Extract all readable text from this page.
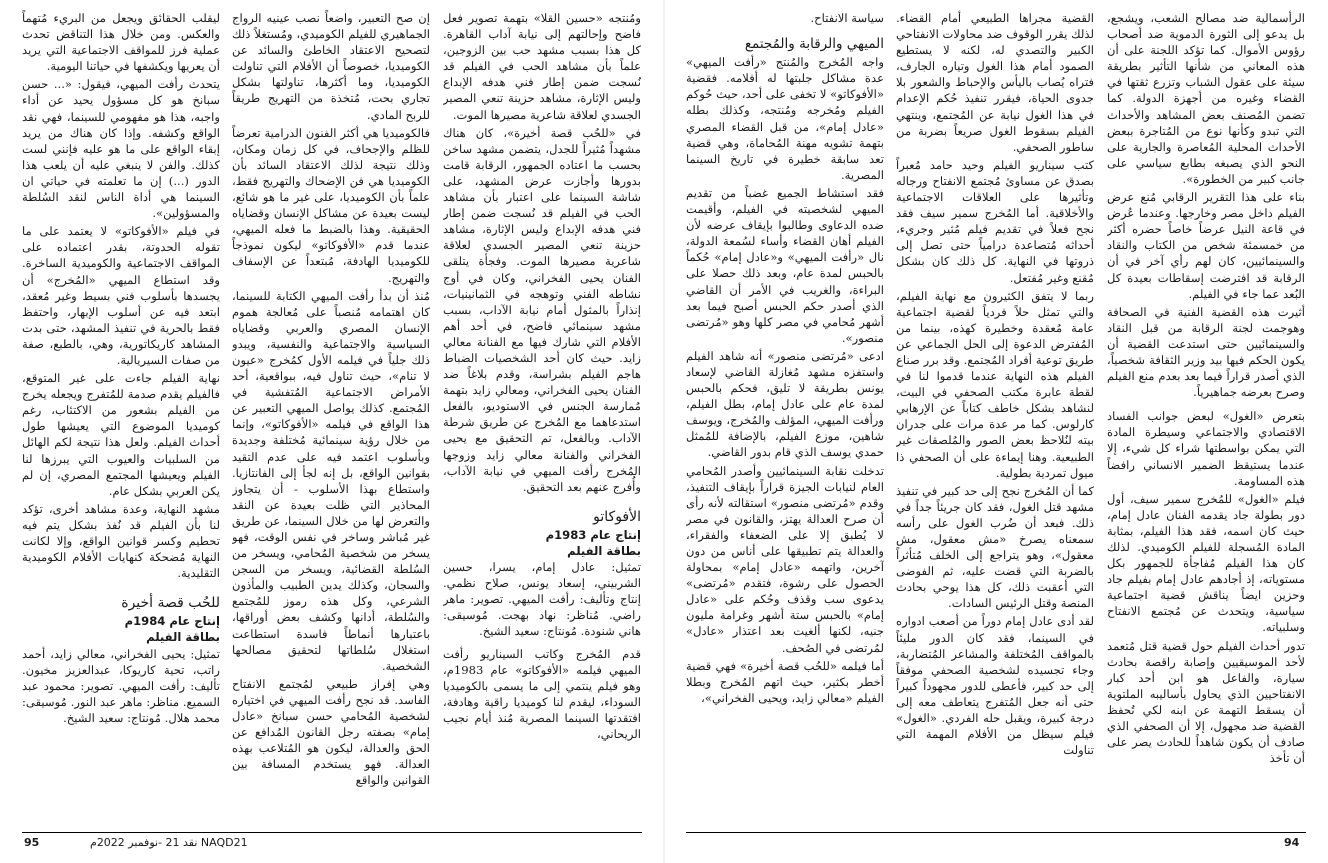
ليقلب الحقائق ويجعل من البريء مُتهماً والعكس. ومن خلال هذا التناقض تحدث عملية فرز للمواقف الاجتماعية التي يريد أن يعريها ويكشفها في حياتنا اليومية.

يتحدث رأفت الميهي، فيقول: «... حسن سبانخ هو كل مسؤول يحيد عن أداء واجبه، هذا هو مفهومي للسينما، فهي نقد الواقع وكشفه. وإذا كان هناك من يريد إبقاء الواقع على ما هو عليه فإنني لست كذلك. والفن لا ينبغي عليه أن يلعب هذا الدور (...) إن ما تعلمته في حياتي ان السينما هي أداة الناس لنقد السُلطة والمسؤولين».

في فيلم «الأفوكاتو» لا يعتمد على ما تقوله الحدوتة، بقدر اعتماده على المواقف الاجتماعية والكوميدية الساخرة. وقد استطاع الميهي «المُخرج» أن يجسدها بأسلوب فني بسيط وغير مُعقد، ابتعد فيه عن أسلوب الإبهار، واحتفظ فقط بالحرية في تنفيذ المشهد، حتى بدت المشاهد كاريكاتورية، وهي، بالطبع، صفة من صفات السيريالية.

نهاية الفيلم جاءت على غير المتوقع، فالفيلم يقدم صدمة للمُتفرج ويجعله يخرج من الفيلم بشعور من الاكتئاب، رغم كوميديا الموضوع التي يعيشها طول أحداث الفيلم. ولعل هذا نتيجة لكم الهائل من السلبيات والعيوب التي يبرزها لنا الفيلم ويعيشها المجتمع المصري، إن لم يكن العربي بشكل عام.

مشهد النهاية، وعدة مشاهد أخرى، تؤكد لنا بأن الفيلم قد نُفذ بشكل يتم فيه تحطيم وكسر قوانين الواقع، وإلا لكانت النهاية مُضحكة كنهايات الأفلام الكوميدية التقليدية.

للحُب قصة أخيرة

إنتاج عام 1984م

بطاقة الفيلم

تمثيل: يحيى الفخراني، معالي زايد، أحمد راتب، تحية كاريوكا، عبدالعزيز مخيون. تأليف: رأفت الميهي. تصوير: محمود عبد السميع. مناظر: ماهر عبد النور. مُوسيقى: محمد هلال. مُونتاج: سعيد الشيخ.

إن صح التعبير، واضعاً نصب عينيه الرواج الجماهيري للفيلم الكوميدي، ومُستغلاً ذلك لتصحيح الاعتقاد الخاطئ والسائد عن الكوميديا، خصوصاً أن الأفلام التي تناولت الكوميديا، وما أكثرها، تناولتها بشكل تجاري بحت، مُتخذة من التهريج طريقاً للربح المادي.

فالكوميديا هي أكثر الفنون الدرامية تعرضاً للظلم والإجحاف، في كل زمان ومكان، وذلك نتيجة لذلك الاعتقاد السائد بأن الكوميديا هي فن الإضحاك والتهريج فقط، علماً بأن الكوميديا، على غير ما هو شائع، ليست بعيدة عن مشاكل الإنسان وقضاياه الحقيقية. وهذا بالضبط ما فعله الميهي، عندما قدم «الأفوكاتو» ليكون نموذجاً للكوميديا الهادفة، مُبتعداً عن الإسفاف والتهريج.

مُنذ أن بدأ رأفت الميهي الكتابة للسينما، كان اهتمامه مُنصباً على مُعالجة هموم الإنسان المصري والعربي وقضاياه السياسية والاجتماعية والنفسية، ويبدو ذلك جلياً في فيلمه الأول كمُخرج «عيون لا تنام»، حيث تناول فيه، ببواقعية، أحد الأمراض الاجتماعية المُتفشية في المُجتمع. كذلك يواصل الميهي التعبير عن هذا الواقع في فيلمه «الأفوكاتو»، وإنما من خلال رؤية سينمائية مُختلفة وجديدة وبأسلوب اعتمد فيه على عدم التقيد بقوانين الواقع، بل إنه لجأ إلى الفانتازيا. واستطاع بهذا الأسلوب - أن يتجاوز المحاذير التي ظلت بعيدة عن النقد والتعرض لها من خلال السينما، عن طريق غير مُباشر وساخر في نفس الوقت، فهو يسخر من شخصية المُحامي، ويسخر من السُلطة القضائية، ويسخر من السجن والسجان، وكذلك يدين الطبيب والمأذون الشرعي، وكل هذه رموز للمُجتمع والسُلطة، أدانها وكشف بعض أوراقها، باعتبارها أنماطاً فاسدة استطاعت استغلال سُلطاتها لتحقيق مصالحها الشخصية.

وهي إفراز طبيعي لمُجتمع الانفتاح الفاسد. قد نجح رأفت الميهي في اختياره لشخصية المُحامي حسن سبانخ «عادل إمام» بصفته رجل القانون المُدافع عن الحق والعدالة، ليكون هو المُتلاعب بهذه العدالة. فهو يستخدم المسافة بين القوانين والواقع

ومُنتجه «حسين القلا» بتهمة تصوير فعل فاضح وإحالتهم إلى نيابة آداب القاهرة. كل هذا بسبب مشهد حب بين الزوجين، علماً بأن مشاهد الحب في الفيلم قد نُسجت ضمن إطار فني هدفه الإبداع وليس الإثارة، مشاهد حزينة تنعي المصير الجسدي لعلاقة شاعرية مصيرها الموت.

في «للحُب قصة أخيرة»، كان هناك مشهداً مُثيراً للجدل، يتضمن مشهد ساخن بحسب ما اعتاده الجمهور، الرقابة قامت بدورها وأجازت عرض المشهد، على شاشة السينما على اعتبار بأن مشاهد الحب في الفيلم قد نُسجت ضمن إطار فني هدفه الإبداع وليس الإثارة، مشاهد حزينة تنعي المصير الجسدي لعلاقة شاعرية مصيرها الموت. وفجأة يتلقى الفنان يحيى الفخراني، وكان في أوج نشاطه الفني وتوهجه في الثمانينيات، إنذاراً بالمثول أمام نيابة الآداب، بسبب مشهد سينمائي فاضح، في أحد أهم الأفلام التي شارك فيها مع الفنانة معالي زايد. حيث كان أحد الشخصيات الضباط هاجم الفيلم بشراسة، وقدم بلاغاً ضد الفنان يحيى الفخراني، ومعالي زايد بتهمة مُمارسة الجنس في الاستوديو، بالفعل استدعاهما مع المُخرج عن طريق شرطة الآداب. وبالفعل، تم التحقيق مع يحيى الفخراني والفنانة معالي زايد وزوجها المُخرج رأفت الميهي في نيابة الآداب، وأُفرج عنهم بعد التحقيق.

الأفوكاتو

إنتاج عام 1983م

بطاقة الفيلم

تمثيل: عادل إمام، يسرا، حسين الشربيني، إسعاد يونس، صلاح نظمي. إنتاج وتأليف: رأفت الميهي. تصوير: ماهر راضي. مُناظر: نهاد بهجت. مُوسيقى: هاني شنودة. مُونتاج: سعيد الشيخ.

قدم المُخرج وكاتب السيناريو رأفت الميهي فيلمه «الأفوكاتو» عام 1983م، وهو فيلم ينتمي إلى ما يسمى بالكوميديا السوداء، ليقدم لنا كوميديا راقية وهادفة، افتقدتها السينما المصرية مُنذ أيام نجيب الريحاني،

95	نقد 21 -نوفمبر 2022م NAQD21

سياسة الانفتاح.

الميهي والرقابة والمُجتمع

واجه المُخرج والمُنتج «رأفت الميهي» عدة مشاكل جلبتها له أفلامه. فقضية «الأفوكاتو» لا تخفى على أحد، حيث حُوكم الفيلم ومُخرجه ومُنتجه، وكذلك بطله «عادل إمام»، من قبل القضاء المصري بتهمة تشويه مهنة المُحاماة، وهي قضية تعد سابقة خطيرة في تاريخ السينما المصرية.

فقد استشاط الجميع غضباً من تقديم الميهي لشخصيته في الفيلم، وأقيمت ضده الدعاوى وطالبوا بإيقاف عرضه لأن الفيلم أهان القضاء وأساء لسُمعة الدولة، نال «رأفت الميهي» و«عادل إمام» حُكماً بالحبس لمدة عام، وبعد ذلك حصلا على البراءة، والغريب في الأمر أن القاضي الذي أصدر حكم الحبس أصبح فيما بعد أشهر مُحامي في مصر كلها وهو «مُرتضى منصور».

ادعى «مُرتضى منصور» أنه شاهد الفيلم واستفزه مشهد مُغازلة القاضي لإسعاد يونس بطريقة لا تليق، فحكم بالحبس لمدة عام على عادل إمام، بطل الفيلم، ورأفت الميهي، المؤلف والمُخرج، ويوسف شاهين، موزع الفيلم، بالإضافة للمُمثل حمدي يوسف الذي قام بدور القاضي.

تدخلت نقابة السينمائيين وأصدر المُحامي العام لنيابات الجيزة قراراً بإيقاف التنفيذ، وقدم «مُرتضى منصور» استقالته لأنه رأى أن صرح العدالة يهتز، والقانون في مصر لا يُطبق إلا على الضعفاء والفقراء، والعدالة يتم تطبيقها على أناس من دون آخرين، واتهمه «عادل إمام» بمحاولة الحصول على رشوة، فتقدم «مُرتضى» يدعوى سب وقذف وحُكم على «عادل إمام» بالحبس ستة أشهر وغرامة مليون جنيه، لكنها ألغيت بعد اعتذار «عادل» لمُرتضى في الصُحف.

أما فيلمه «للحُب قصة أخيرة» فهي قضية أخطر بكثير، حيث اتهم المُخرج وبطلا الفيلم «معالي زايد، ويحيى الفخراني»،

القضية مجراها الطبيعي أمام القضاء. لذلك يقرر الوقوف ضد محاولات الانفتاحي الكبير والتصدي له، لكنه لا يستطيع الصمود أمام هذا الغول وتياره الجارف، فتراه يُصاب باليأس والإحباط والشعور بلا جدوى الحياة، فيقرر تنفيذ حُكم الإعدام في هذا الغول نيابة عن المُجتمع، وينتهي الفيلم بسقوط الغول صريعاً بضربة من ساطور الصحفي.

كتب سيناريو الفيلم وحيد حامد مُعبراً بصدق عن مساوئ مُجتمع الانفتاح ورجاله وتأثيرها على العلاقات الاجتماعية والأخلاقية. أما المُخرج سمير سيف فقد نجح فعلاً في تقديم فيلم مُثير وجريء، أحداثه مُتصاعدة درامياً حتى تصل إلى ذروتها في النهاية. كل ذلك كان بشكل مُقنع وغير مُفتعل.

ربما لا يتفق الكثيرون مع نهاية الفيلم، والتي تمثل حلاً فردياً لقضية اجتماعية عامة مُعقدة وخطيرة كهذه، بينما من المُفترض الدعوة إلى الحل الجماعي عن طريق توعية أفراد المُجتمع. وقد برر صناع الفيلم هذه النهاية عندما قدموا لنا في لقطة عابرة مكتب الصحفي في البيت، لنشاهد بشكل خاطف كتاباً عن الإرهابي كارلوس. كما مر عدة مرات على جدران بيته لنُلاحظ بعض الصور والمُلصقات غير الطبيعية. وهنا إيماءة على أن الصحفي ذا ميول تمردية بطولية.

كما أن المُخرج نجح إلى حد كبير في تنفيذ مشهد قتل الغول، فقد كان جريئاً جداً في ذلك. فبعد أن ضُرب الغول على رأسه سمعناه يصرخ «مش معقول، مش معقول»، وهو يتراجع إلى الخلف مُتأثراً بالضربة التي قضت عليه، ثم الفوضى التي أعقبت ذلك، كل هذا يوحي بحادث المنصة وقتل الرئيس السادات.

لقد أدى عادل إمام دوراً من أصعب ادواره في السينما، فقد كان الدور مليئاً بالمواقف المُختلفة والمشاعر المُتضاربة، وجاء تجسيده لشخصية الصحفي موفقاً إلى حد كبير، فأعطى للدور مجهوداً كبيراً حتى أنه جعل المُتفرج يتعاطف معه إلى درجة كبيرة، ويقبل حله الفردي. «الغول» فيلم سيظل من الأفلام المهمة التي تناولت

الرأسمالية ضد مصالح الشعب، ويشجع، بل يدعو إلى الثورة الدموية ضد أصحاب رؤوس الأموال. كما تؤكد اللجنة على أن هذه المعاني من شأنها التأثير بطريقة سيئة على عقول الشباب وتزرع ثقتها في القضاء وغيره من أجهزة الدولة. كما تضمن المُصنف بعض المشاهد والأحداث التي تبدو وكأنها نوع من المُتاجرة ببعض الأحداث المحلية المُعاصرة والجارية على النحو الذي يصبغه بطابع سياسي على جانب كبير من الخطورة».

بناء على هذا التقرير الرقابي مُنع عرض الفيلم داخل مصر وخارجها. وعندما عُرض في قاعة النيل عرضاً خاصاً حضره أكثر من خمسمئة شخص من الكتاب والنقاد والسينمائيين، كان لهم رأي آخر في أن الرقابة قد افترضت إسقاطات بعيدة كل البُعد عما جاء في الفيلم.

أثيرت هذه القضية الفنية في الصحافة وهوجمت لجنة الرقابة من قبل النقاد والسينمائيين حتى استدعت القضية أن يكون الحكم فيها بيد وزير الثقافة شخصياً، الذي أصدر قراراً فيما بعد بعدم منع الفيلم وصرح بعرضه جماهيرياً.

بتعرض «الغول» لبعض جوانب الفساد الاقتصادي والاجتماعي وسيطرة المادة التي يمكن بواسطتها شراء كل شيء، إلا عندما يستيقظ الضمير الانساني رافضاً هذه المساومة.

فيلم «الغول» للمُخرج سمير سيف، أول دور بطولة جاد يقدمه الفنان عادل إمام، حيث كان اسمه، فقد هذا الفيلم، بمثابة المادة المُسجلة للفيلم الكوميدي. لذلك كان هذا الفيلم مُفاجأة للجمهور بكل مستوياته، إذ أجادهم عادل إمام بفيلم جاد وحزين ايضاً يناقش قضية اجتماعية سياسية، ويتحدث عن مُجتمع الانفتاح وسلبياته.

تدور أحداث الفيلم حول قضية قتل مُتعمد لأحد الموسيقيين وإصابة راقصة بحادث سيارة، والفاعل هو ابن أحد كبار الانفتاحيين الذي يحاول بأساليبه الملتوية أن يسقط التهمة عن ابنه لكي تُحفظ القضية ضد مجهول، إلا أن الصحفي الذي صادف أن يكون شاهداً للحادث يصر على أن تأخذ

94
